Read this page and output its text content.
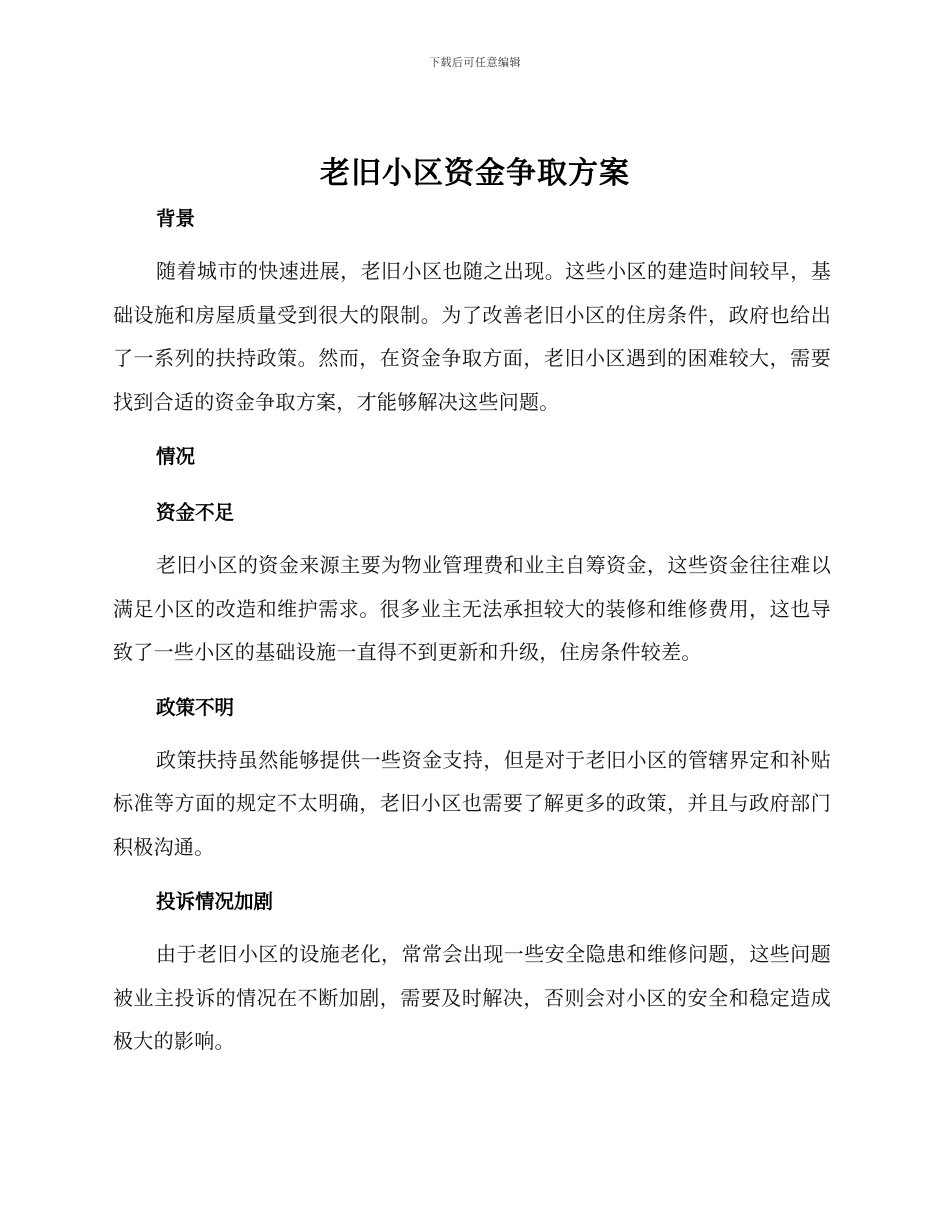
下载后可任意编辑
老旧小区资金争取方案
背景

随着城市的快速进展，老旧小区也随之出现。这些小区的建造时间较早，基础设施和房屋质量受到很大的限制。为了改善老旧小区的住房条件，政府也给出了一系列的扶持政策。然而，在资金争取方面，老旧小区遇到的困难较大，需要找到合适的资金争取方案，才能够解决这些问题。

情况
资金不足

老旧小区的资金来源主要为物业管理费和业主自筹资金，这些资金往往难以满足小区的改造和维护需求。很多业主无法承担较大的装修和维修费用，这也导致了一些小区的基础设施一直得不到更新和升级，住房条件较差。

政策不明

政策扶持虽然能够提供一些资金支持，但是对于老旧小区的管辖界定和补贴标准等方面的规定不太明确，老旧小区也需要了解更多的政策，并且与政府部门积极沟通。

投诉情况加剧

由于老旧小区的设施老化，常常会出现一些安全隐患和维修问题，这些问题被业主投诉的情况在不断加剧，需要及时解决，否则会对小区的安全和稳定造成极大的影响。
